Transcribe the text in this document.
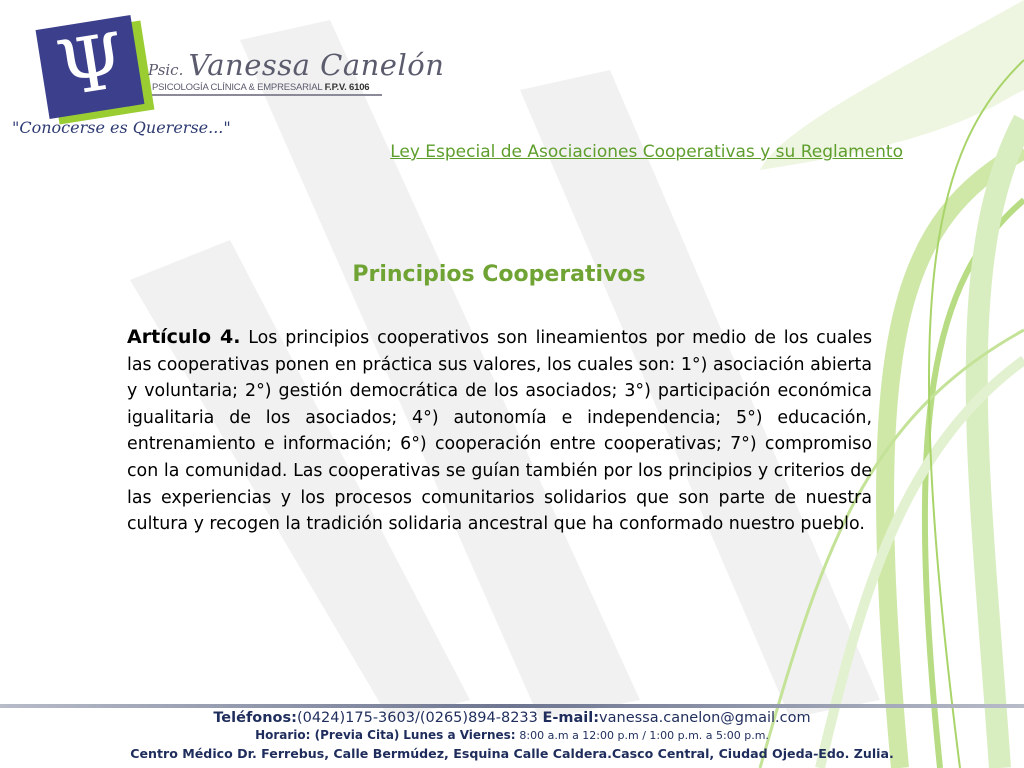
Ψ	Psic. Vanessa Canelón
PSICOLOGÍA CLÍNICA & EMPRESARIAL F.P.V. 6106
"Conocerse es Quererse..."
Ley Especial de Asociaciones Cooperativas y su Reglamento
Principios Cooperativos
Artículo 4. Los principios cooperativos son lineamientos por medio de los cuales las cooperativas ponen en práctica sus valores, los cuales son: 1°) asociación abierta y voluntaria; 2°) gestión democrática de los asociados; 3°) participación económica igualitaria de los asociados; 4°) autonomía e independencia; 5°) educación, entrenamiento e información; 6°) cooperación entre cooperativas; 7°) compromiso con la comunidad. Las cooperativas se guían también por los principios y criterios de las experiencias y los procesos comunitarios solidarios que son parte de nuestra cultura y recogen la tradición solidaria ancestral que ha conformado nuestro pueblo.
Teléfonos:(0424)175-3603/(0265)894-8233 E-mail:vanessa.canelon@gmail.com
Horario: (Previa Cita) Lunes a Viernes: 8:00 a.m a 12:00 p.m / 1:00 p.m. a 5:00 p.m.
Centro Médico Dr. Ferrebus, Calle Bermúdez, Esquina Calle Caldera.Casco Central, Ciudad Ojeda-Edo. Zulia.
